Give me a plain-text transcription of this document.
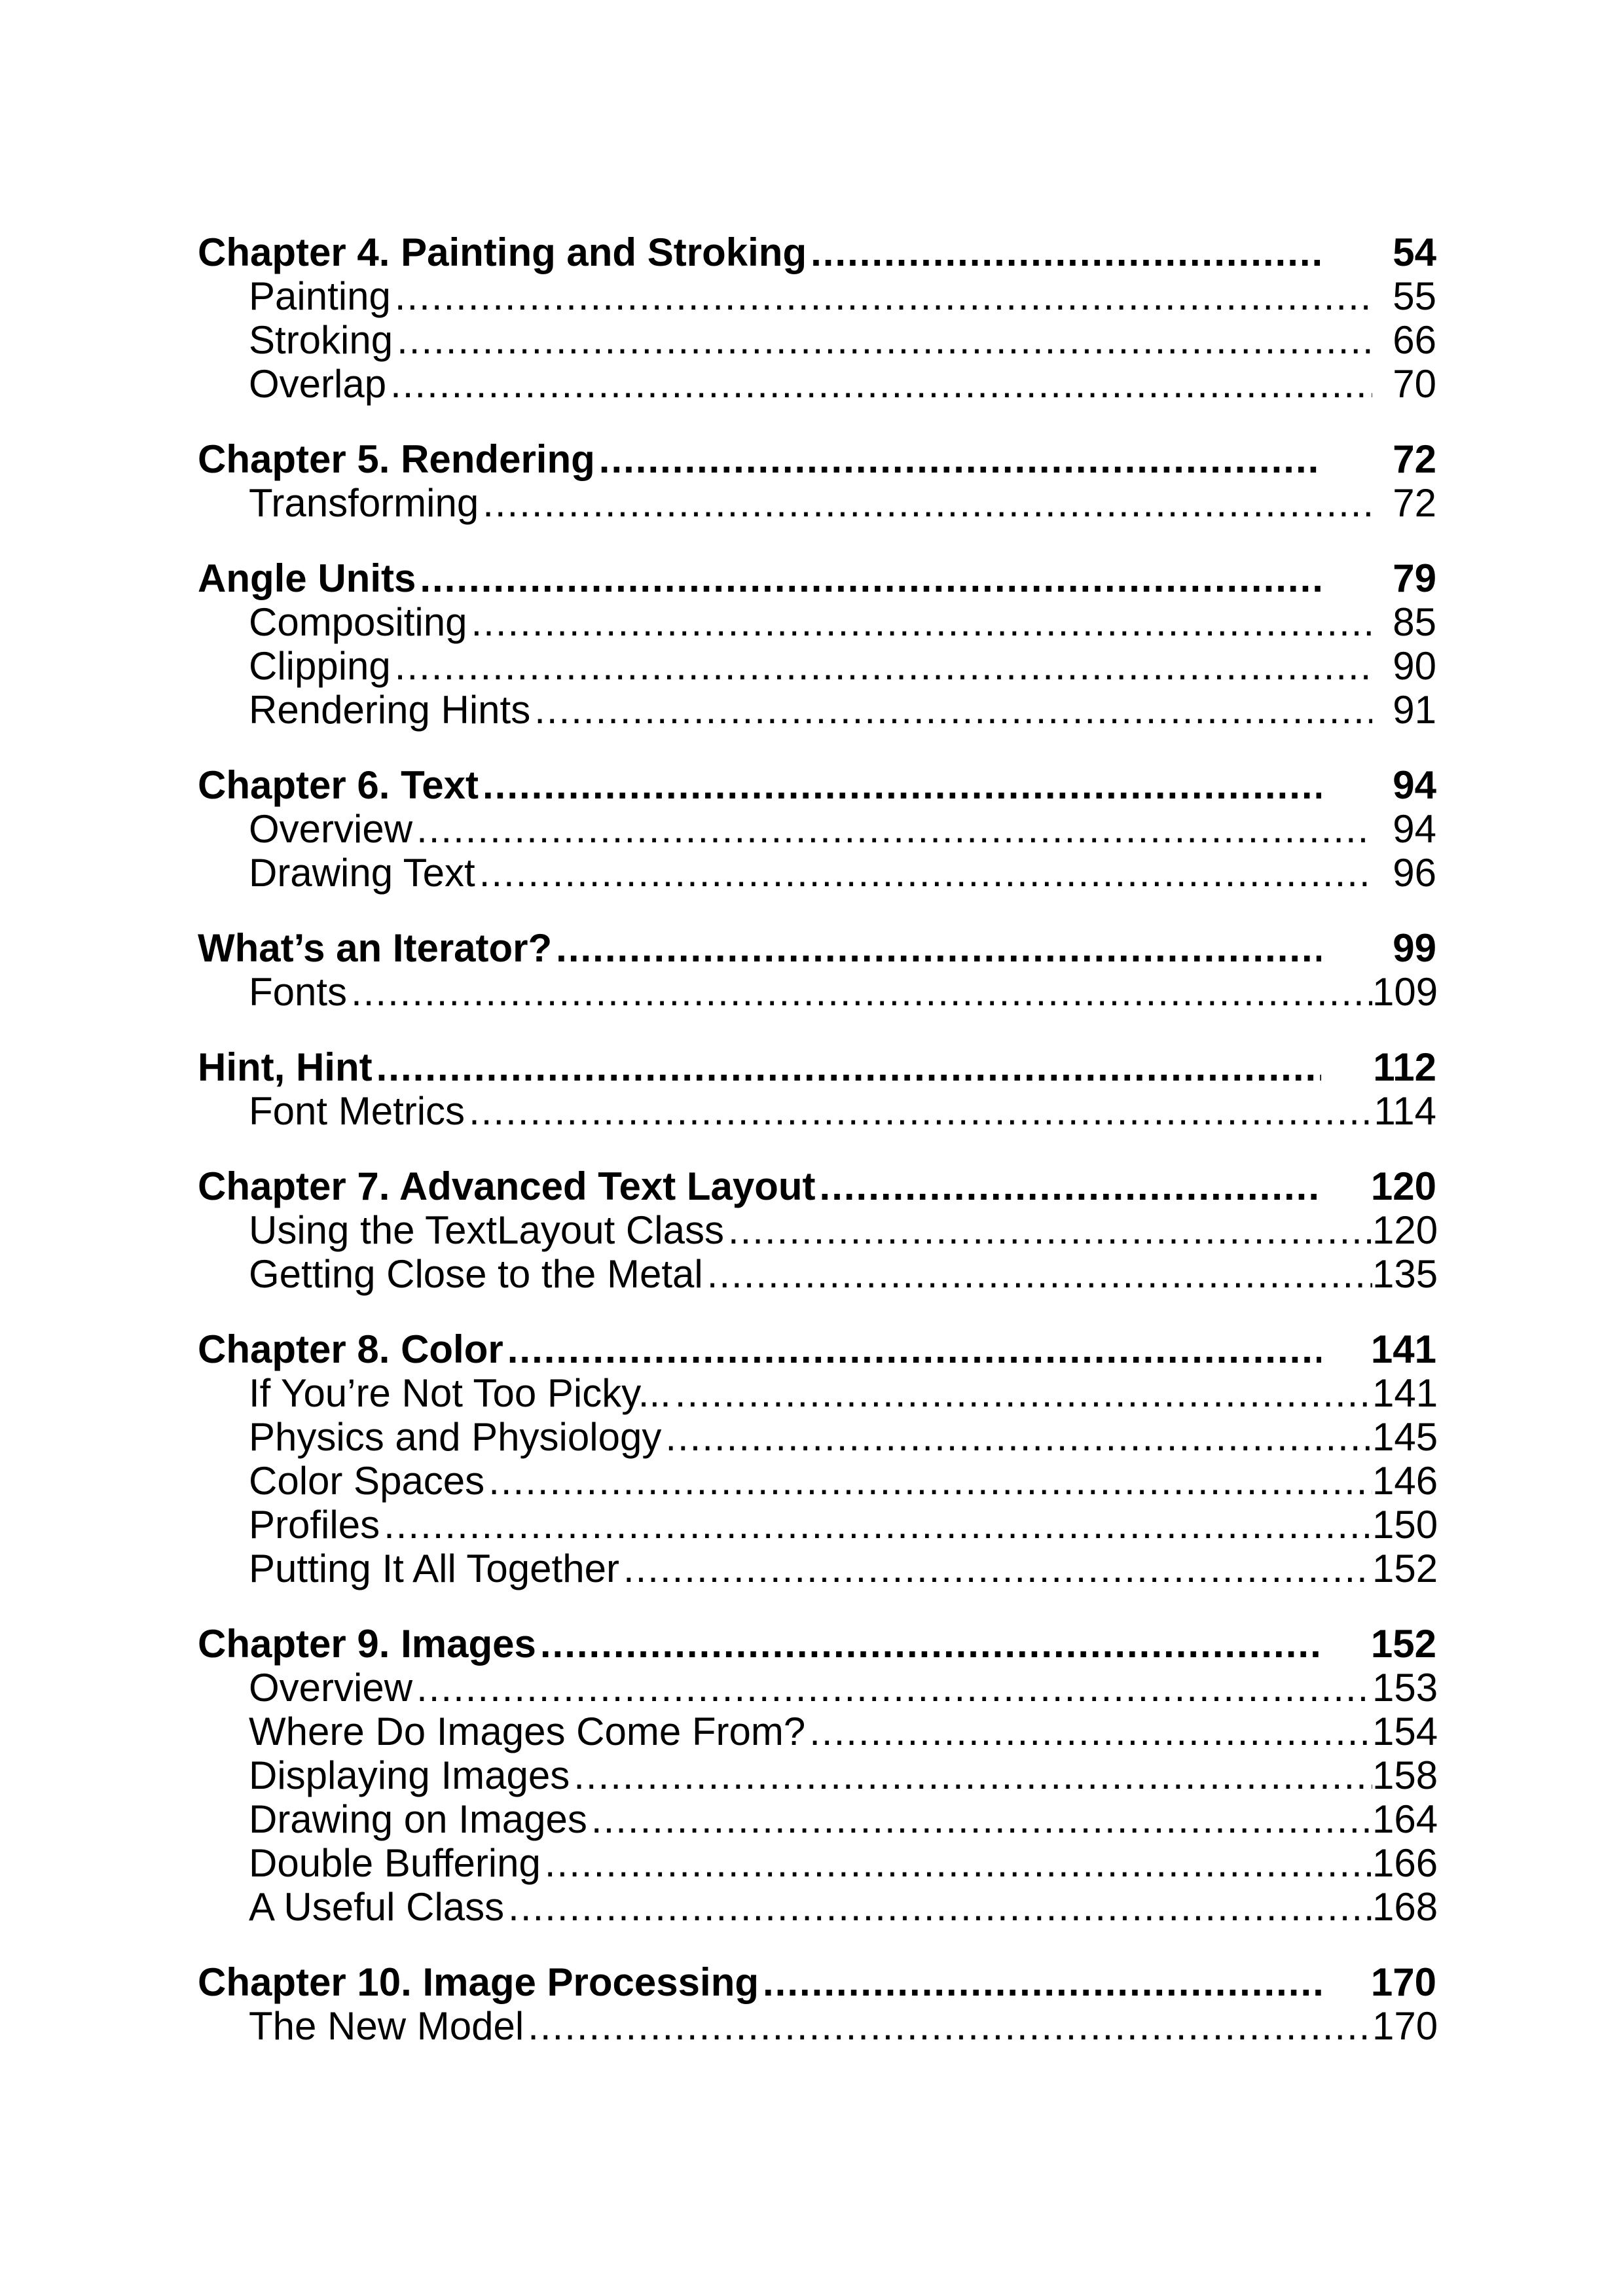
Chapter 4. Painting and Stroking .....	54
Painting .....	55
Stroking .....	66
Overlap .....	70
Chapter 5. Rendering .....	72
Transforming .....	72
Angle Units .....	79
Compositing .....	85
Clipping .....	90
Rendering Hints .....	91
Chapter 6. Text .....	94
Overview .....	94
Drawing Text .....	96
What’s an Iterator? .....	99
Fonts .....	109
Hint, Hint .....	112
Font Metrics .....	114
Chapter 7. Advanced Text Layout .....	120
Using the TextLayout Class .....	120
Getting Close to the Metal .....	135
Chapter 8. Color .....	141
If You’re Not Too Picky... .....	141
Physics and Physiology .....	145
Color Spaces .....	146
Profiles .....	150
Putting It All Together .....	152
Chapter 9. Images .....	152
Overview .....	153
Where Do Images Come From? .....	154
Displaying Images .....	158
Drawing on Images .....	164
Double Buffering .....	166
A Useful Class .....	168
Chapter 10. Image Processing .....	170
The New Model .....	170
